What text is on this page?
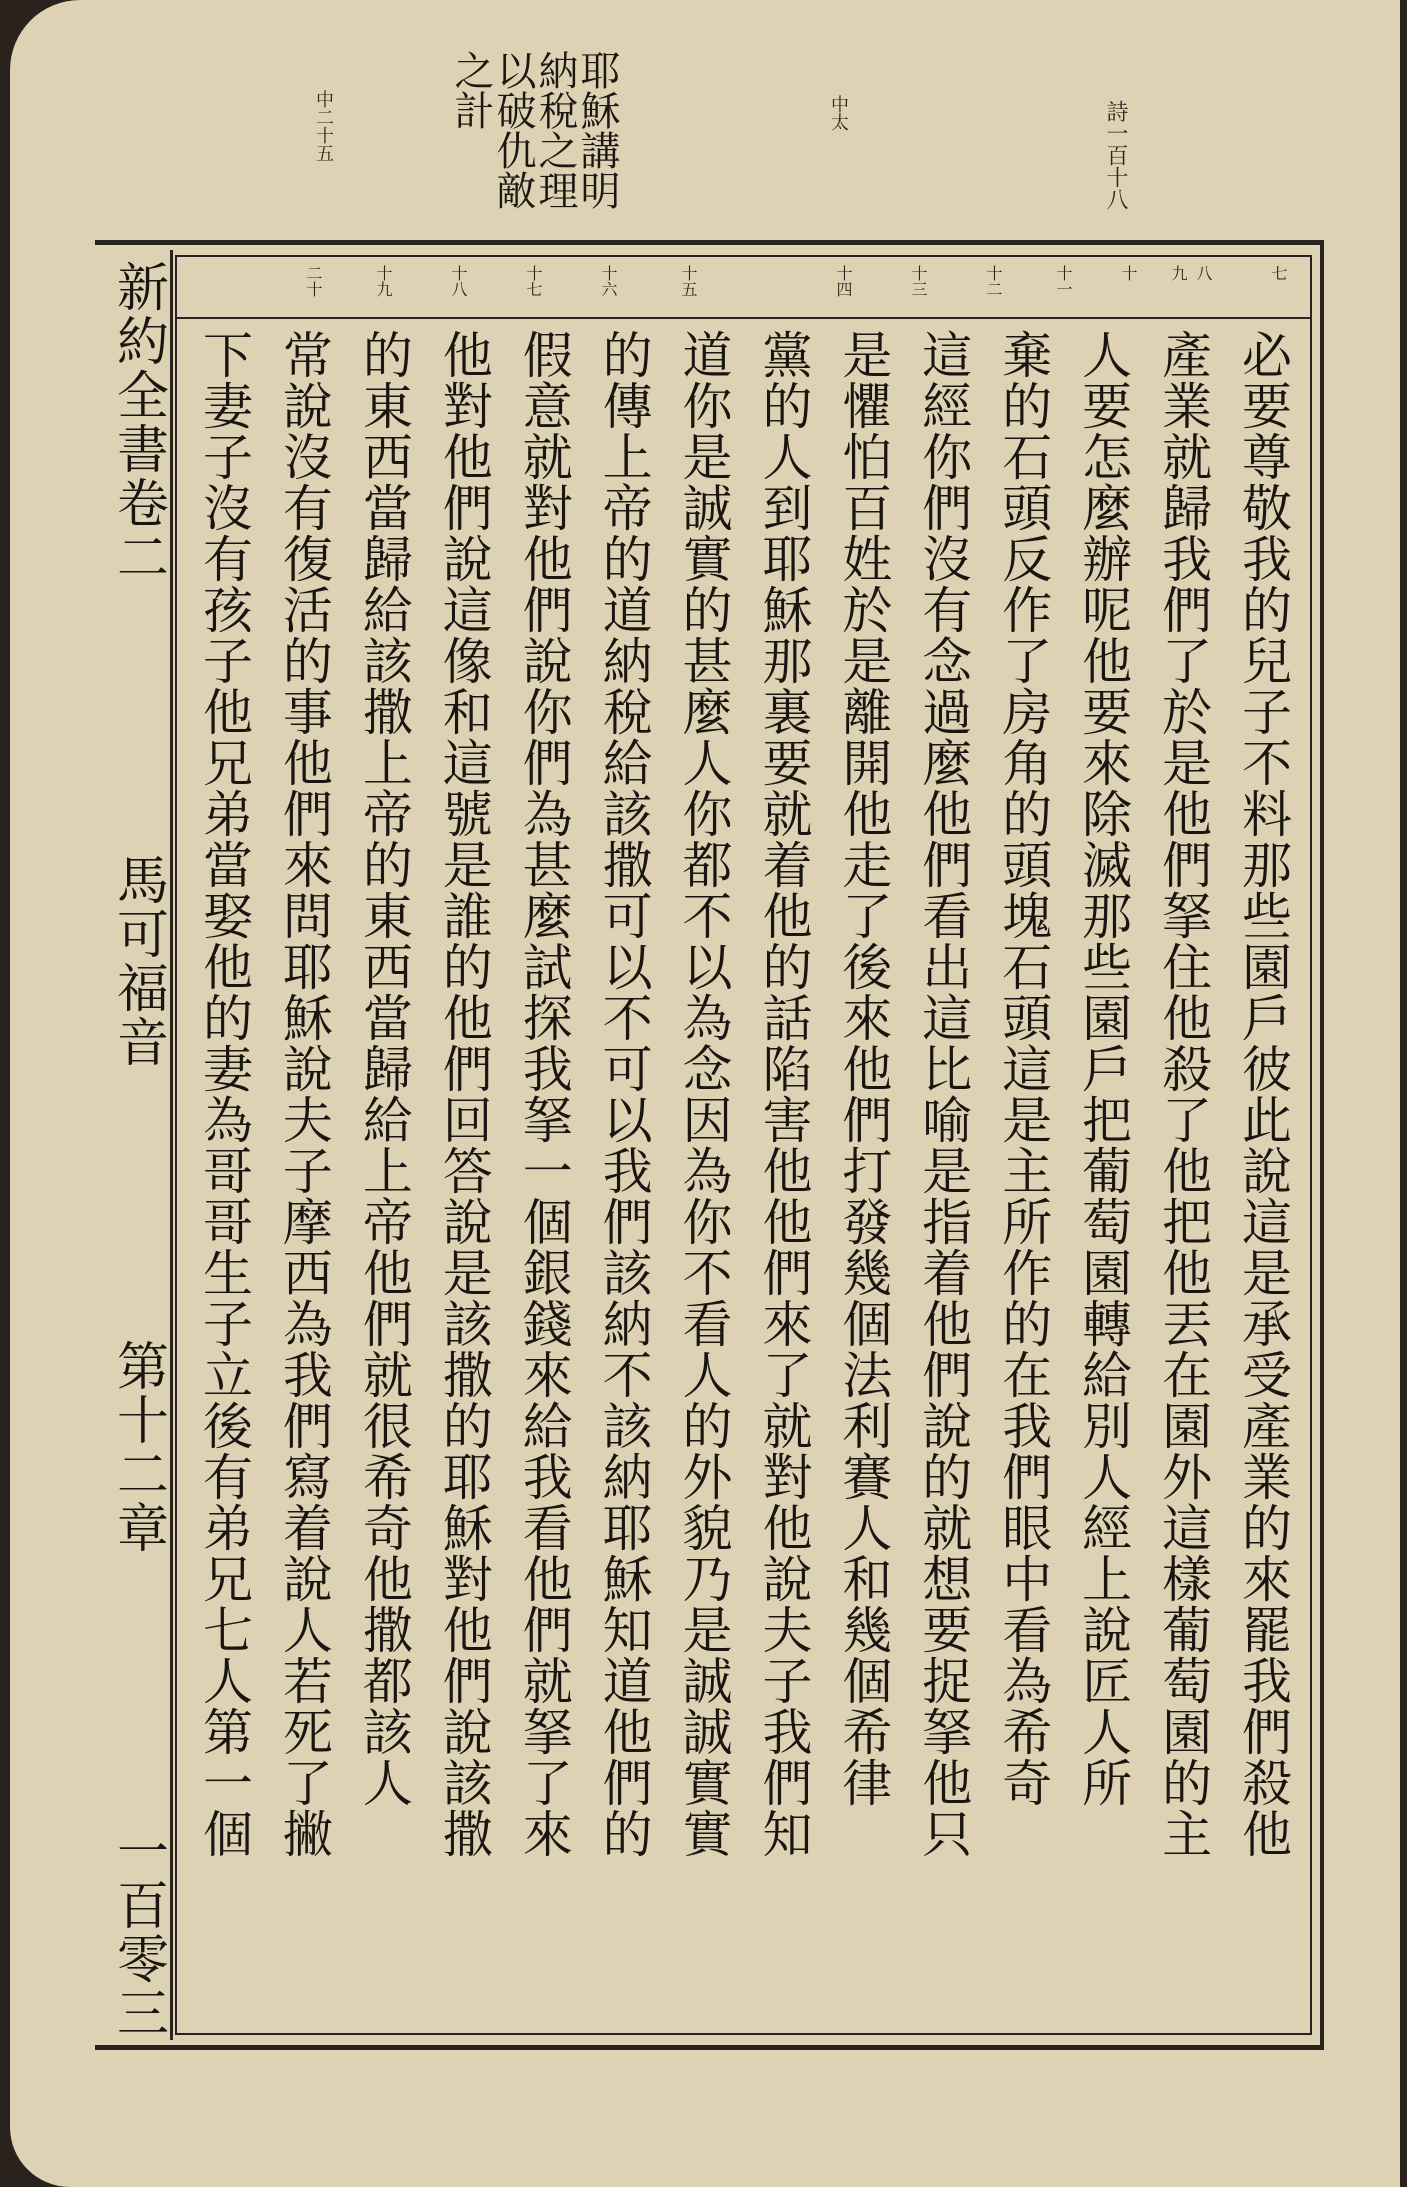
耶穌講明 納稅之理 以破仇敵 之計
中二十五	中太	詩一百十八
新約全書卷二
馬可福音
第十二章
一百零三
七
八
九
十
十一
十二
十三
十四
十五
十六
十七
十八
十九
二十
必要尊敬我的兒子不料那些園戶彼此說這是承受產業的來罷我們殺他
產業就歸我們了於是他們拏住他殺了他把他丟在園外這樣葡萄園的主
人要怎麼辦呢他要來除滅那些園戶把葡萄園轉給別人經上說匠人所
棄的石頭反作了房角的頭塊石頭這是主所作的在我們眼中看為希奇
這經你們沒有念過麼他們看出這比喻是指着他們說的就想要捉拏他只
是懼怕百姓於是離開他走了後來他們打發幾個法利賽人和幾個希律
黨的人到耶穌那裏要就着他的話陷害他他們來了就對他說夫子我們知
道你是誠實的甚麼人你都不以為念因為你不看人的外貌乃是誠誠實實
的傳上帝的道納稅給該撒可以不可以我們該納不該納耶穌知道他們的
假意就對他們說你們為甚麼試探我拏一個銀錢來給我看他們就拏了來
他對他們說這像和這號是誰的他們回答說是該撒的耶穌對他們說該撒
的東西當歸給該撒上帝的東西當歸給上帝他們就很希奇他撒都該人
常說沒有復活的事他們來問耶穌說夫子摩西為我們寫着說人若死了撇
下妻子沒有孩子他兄弟當娶他的妻為哥哥生子立後有弟兄七人第一個
